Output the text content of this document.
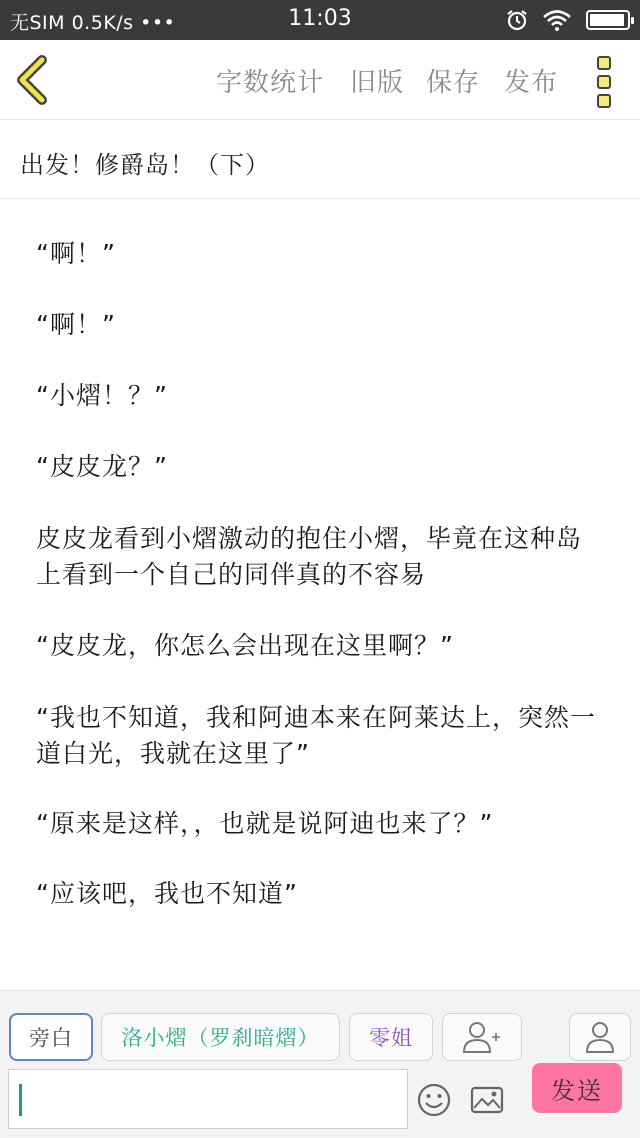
无SIM 0.5K/s •••	11:03
字数统计 旧版 保存 发布
出发！修爵岛！（下）
“啊！”
“啊！”
“小熠！？”
“皮皮龙？”
皮皮龙看到小熠激动的抱住小熠，毕竟在这种岛上看到一个自己的同伴真的不容易
“皮皮龙，你怎么会出现在这里啊？”
“我也不知道，我和阿迪本来在阿莱达上，突然一道白光，我就在这里了”
“原来是这样，，也就是说阿迪也来了？”
“应该吧，我也不知道”
旁白 洛小熠（罗刹暗熠） 零姐
发送
